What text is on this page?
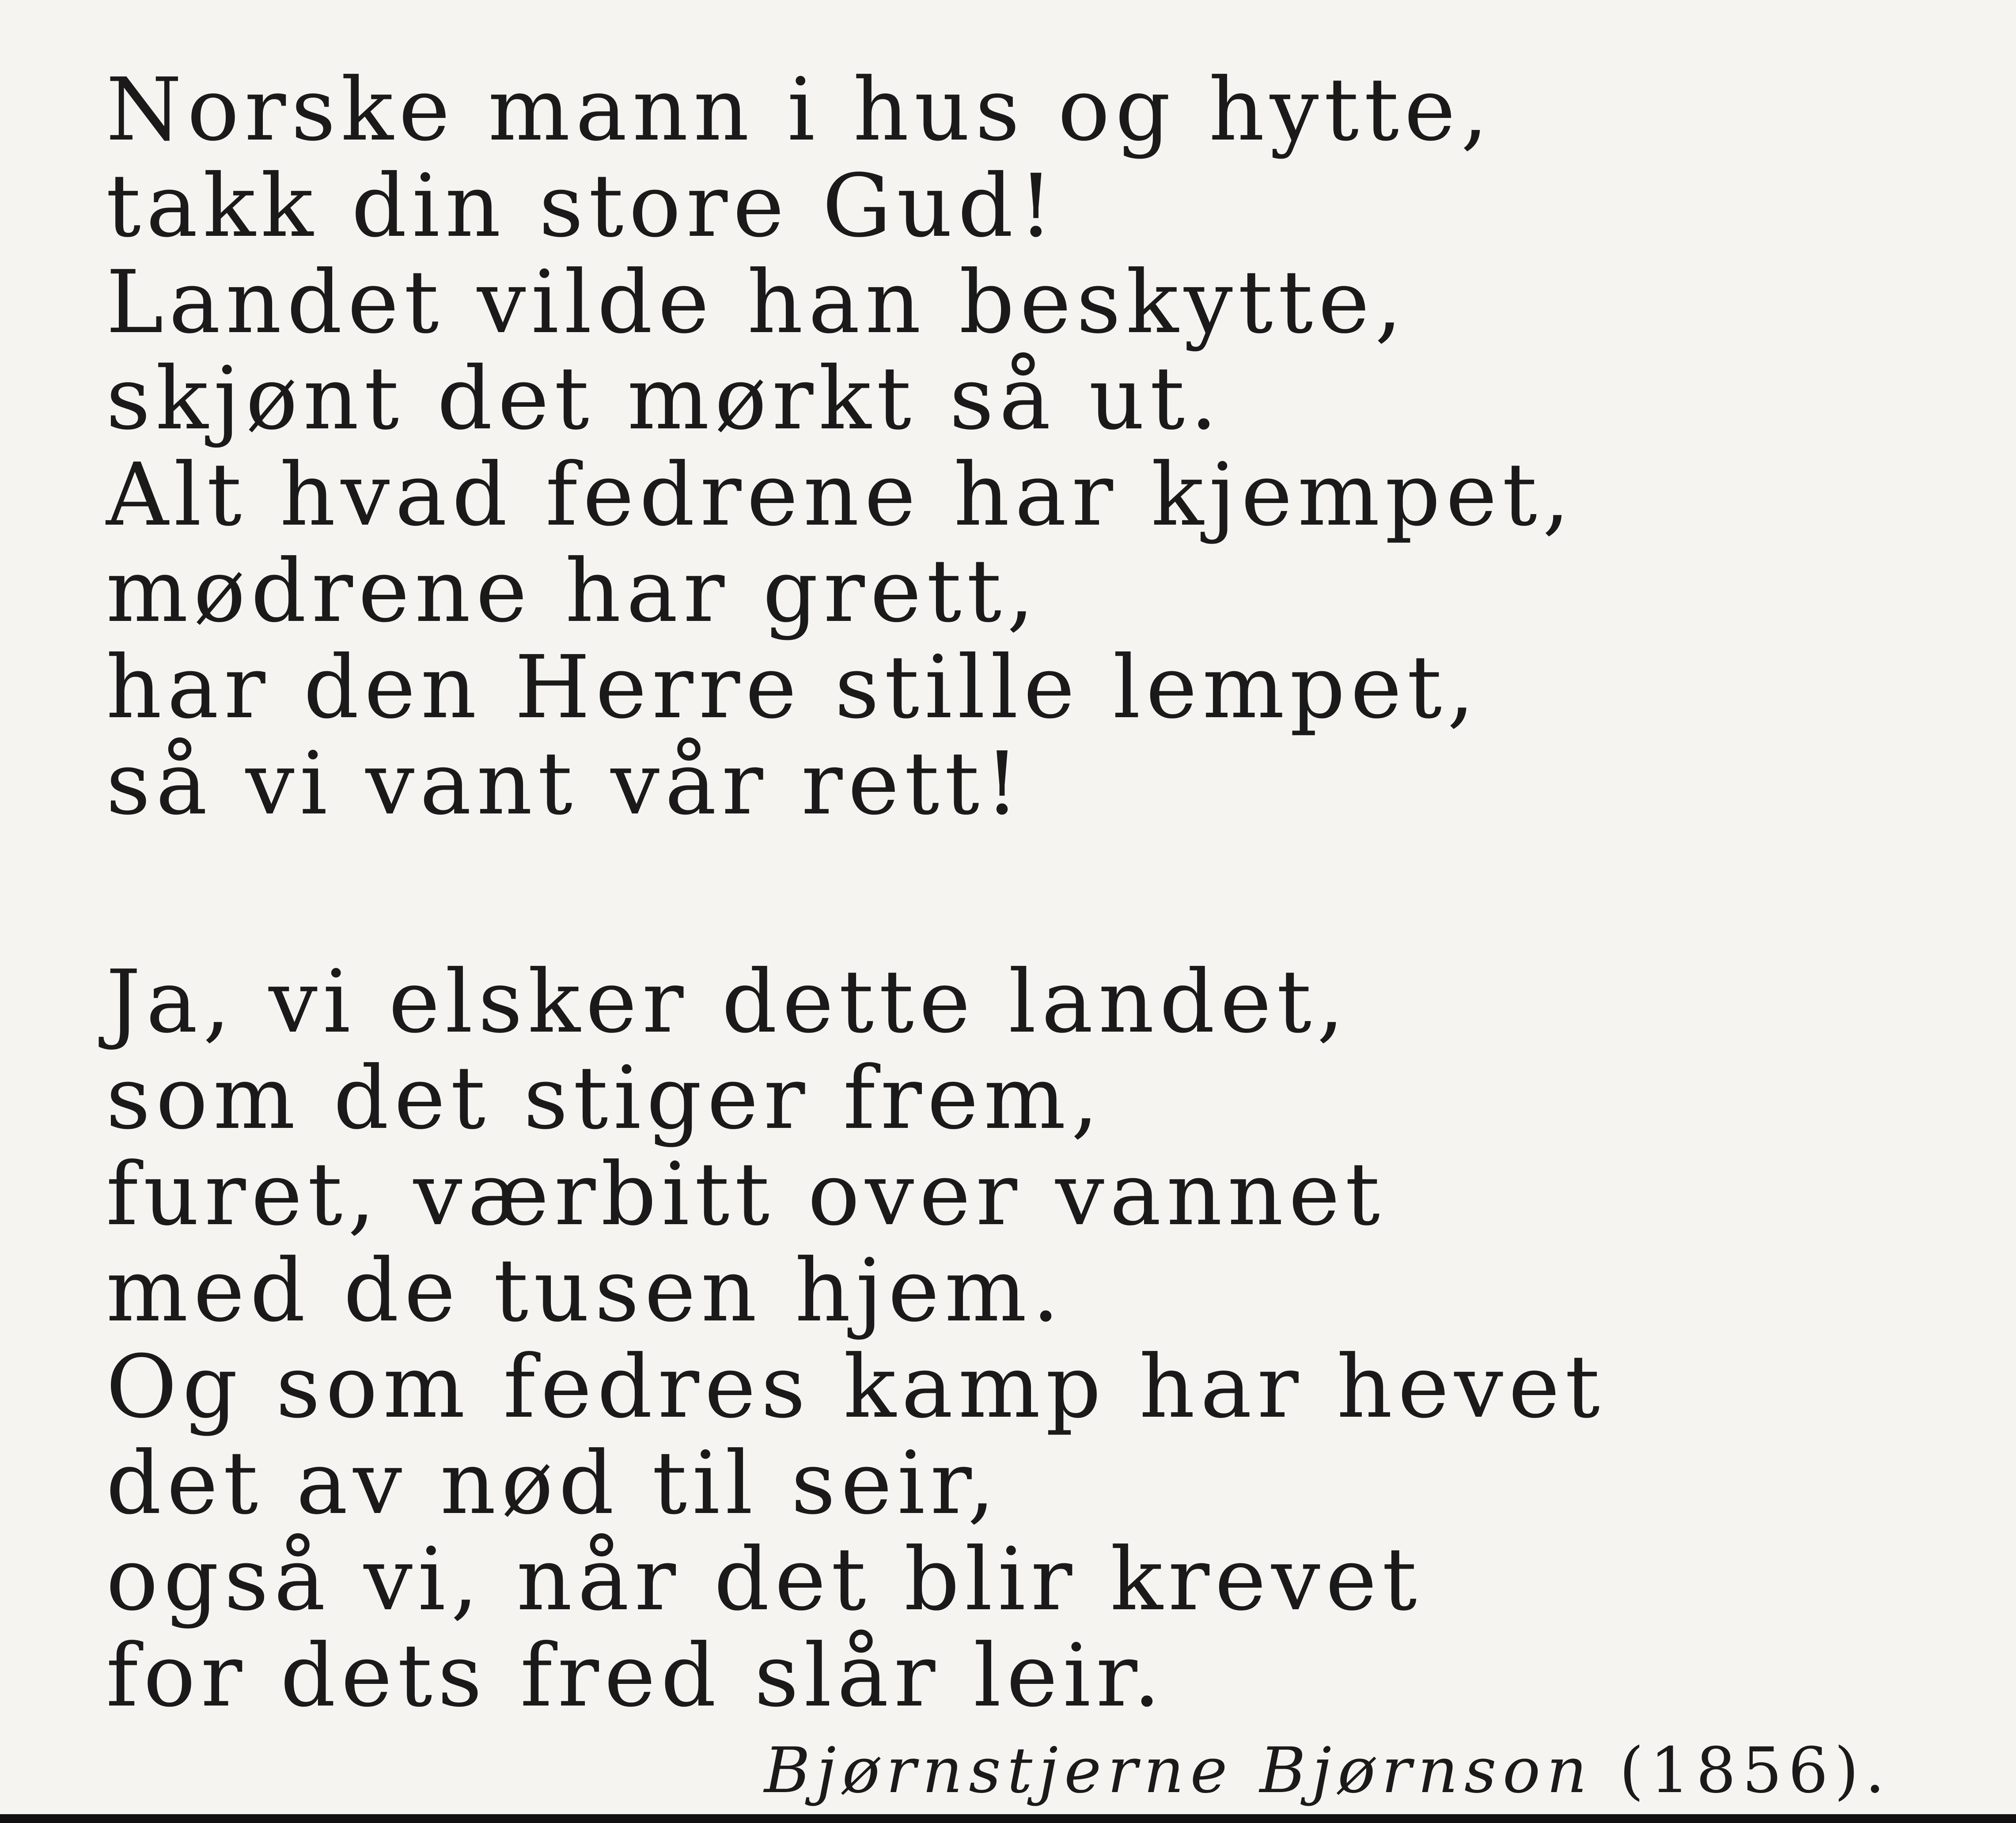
Norske mann i hus og hytte,
takk din store Gud!
Landet vilde han beskytte,
skjønt det mørkt så ut.
Alt hvad fedrene har kjempet,
mødrene har grett,
har den Herre stille lempet,
så vi vant vår rett!
Ja, vi elsker dette landet,
som det stiger frem,
furet, værbitt over vannet
med de tusen hjem.
Og som fedres kamp har hevet
det av nød til seir,
også vi, når det blir krevet
for dets fred slår leir.
Bjørnstjerne Bjørnson (1856).
